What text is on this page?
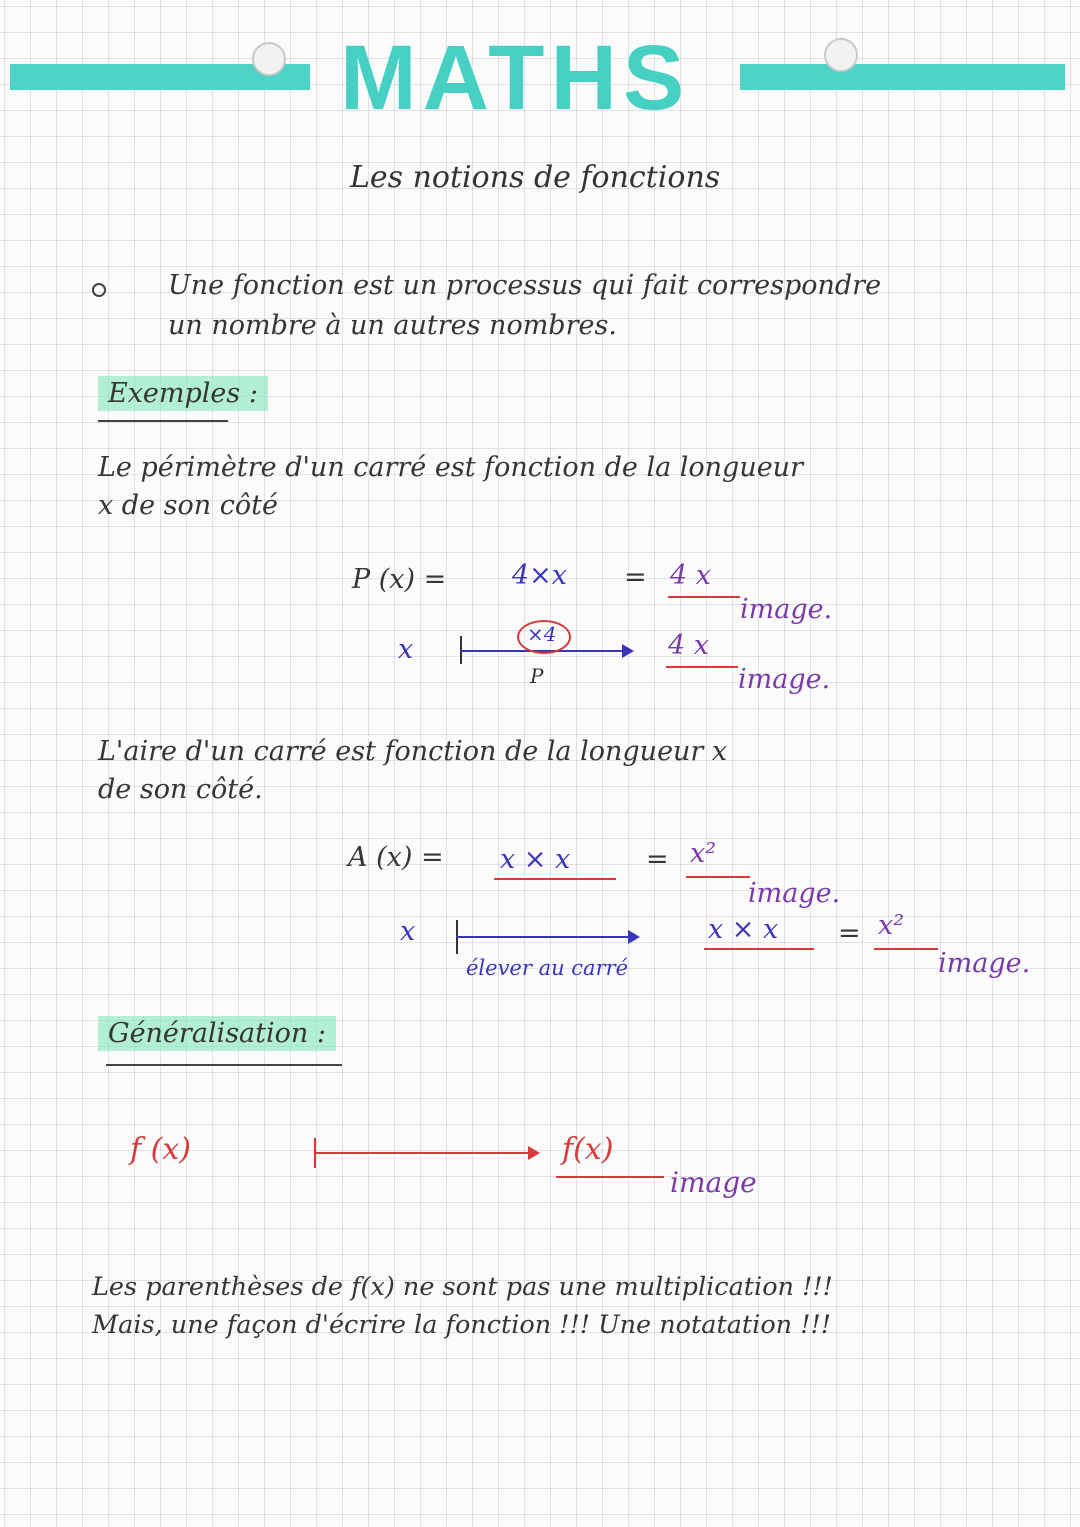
MATHS
Les notions de fonctions
Une fonction est un processus qui fait correspondre
un nombre à un autres nombres.
Exemples :
Le périmètre d'un carré est fonction de la longueur
x de son côté
P (x) = 4×x = 4 x
image.
x	×4
P
4 x
image.
L'aire d'un carré est fonction de la longueur x
de son côté.
A (x) = x × x	= x²
image.
x
élever au carré
x × x = x²
image.
Généralisation :
f (x)	f(x)
image
Les parenthèses de f(x) ne sont pas une multiplication !!!
Mais, une façon d'écrire la fonction !!! Une notatation !!!
